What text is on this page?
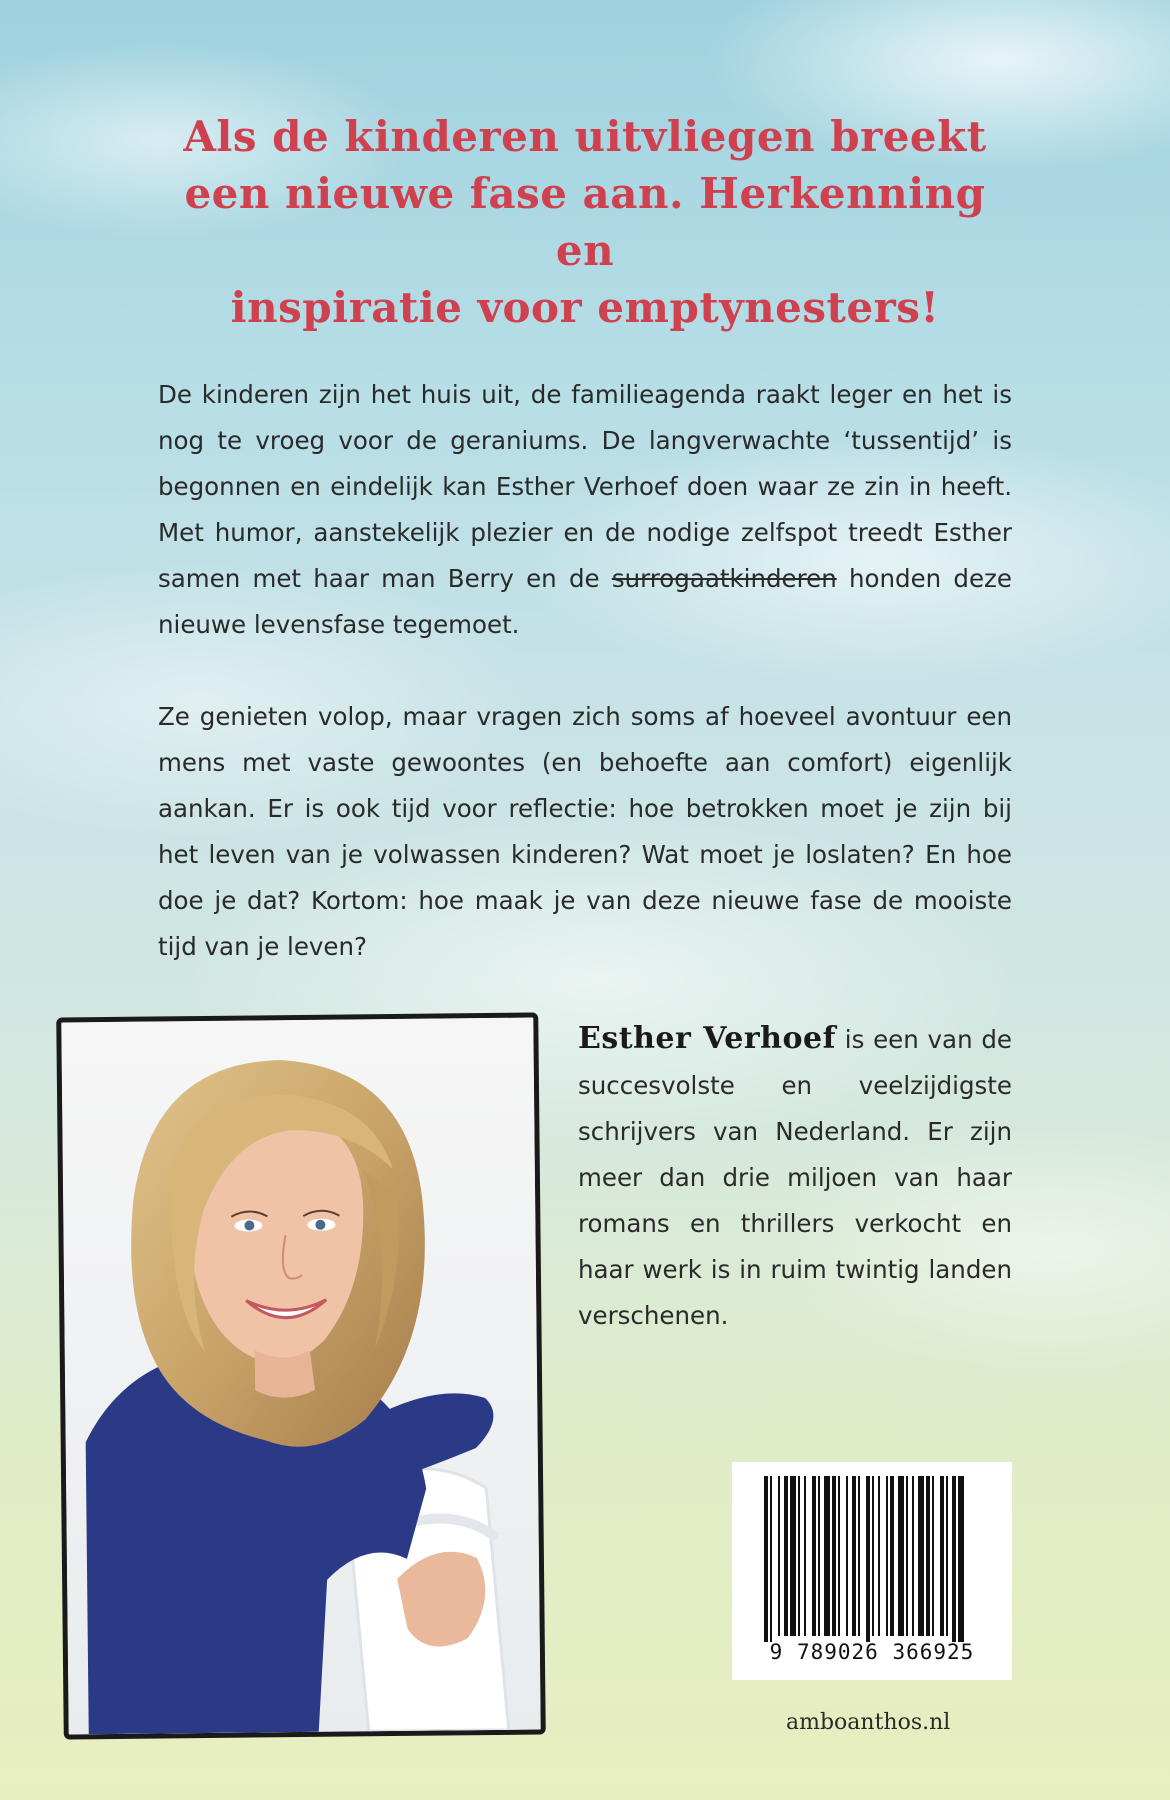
Als de kinderen uitvliegen breekt
een nieuwe fase aan. Herkenning en
inspiratie voor emptynesters!

De kinderen zijn het huis uit, de familieagenda raakt leger en het is nog te vroeg voor de geraniums. De langverwachte ‘tussentijd’ is begonnen en eindelijk kan Esther Verhoef doen waar ze zin in heeft. Met humor, aanstekelijk plezier en de nodige zelfspot treedt Esther samen met haar man Berry en de surrogaatkinderen honden deze nieuwe levensfase tegemoet.

Ze genieten volop, maar vragen zich soms af hoeveel avontuur een mens met vaste gewoontes (en behoefte aan comfort) eigenlijk aankan. Er is ook tijd voor reflectie: hoe betrokken moet je zijn bij het leven van je volwassen kinderen? Wat moet je loslaten? En hoe doe je dat? Kortom: hoe maak je van deze nieuwe fase de mooiste tijd van je leven?

Esther Verhoef is een van de succesvolste en veelzijdigste schrijvers van Nederland. Er zijn meer dan drie miljoen van haar romans en thrillers verkocht en haar werk is in ruim twintig landen verschenen.

9 789026 366925
amboanthos.nl
